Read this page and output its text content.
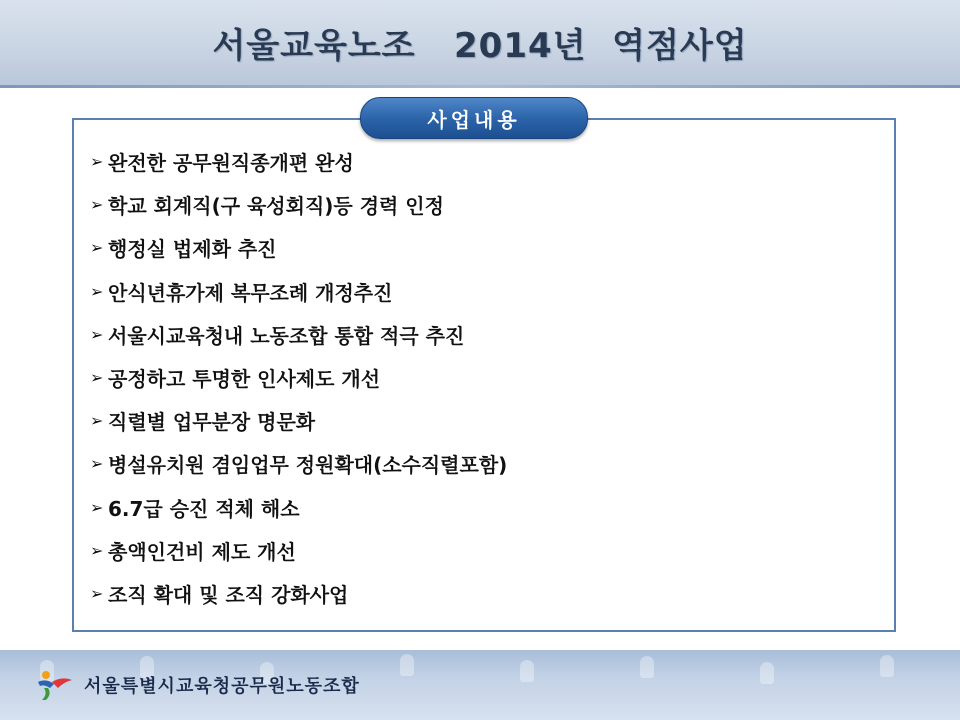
서울교육노조   2014년  역점사업
사업내용
➢ 완전한 공무원직종개편 완성
➢ 학교 회계직(구 육성회직)등 경력 인정
➢ 행정실 법제화 추진
➢ 안식년휴가제 복무조례 개정추진
➢ 서울시교육청내 노동조합 통합 적극 추진
➢ 공정하고 투명한 인사제도 개선
➢ 직렬별 업무분장 명문화
➢ 병설유치원 겸임업무 정원확대(소수직렬포함)
➢ 6.7급 승진 적체 해소
➢ 총액인건비 제도 개선
➢ 조직 확대 및 조직 강화사업
서울특별시교육청공무원노동조합
